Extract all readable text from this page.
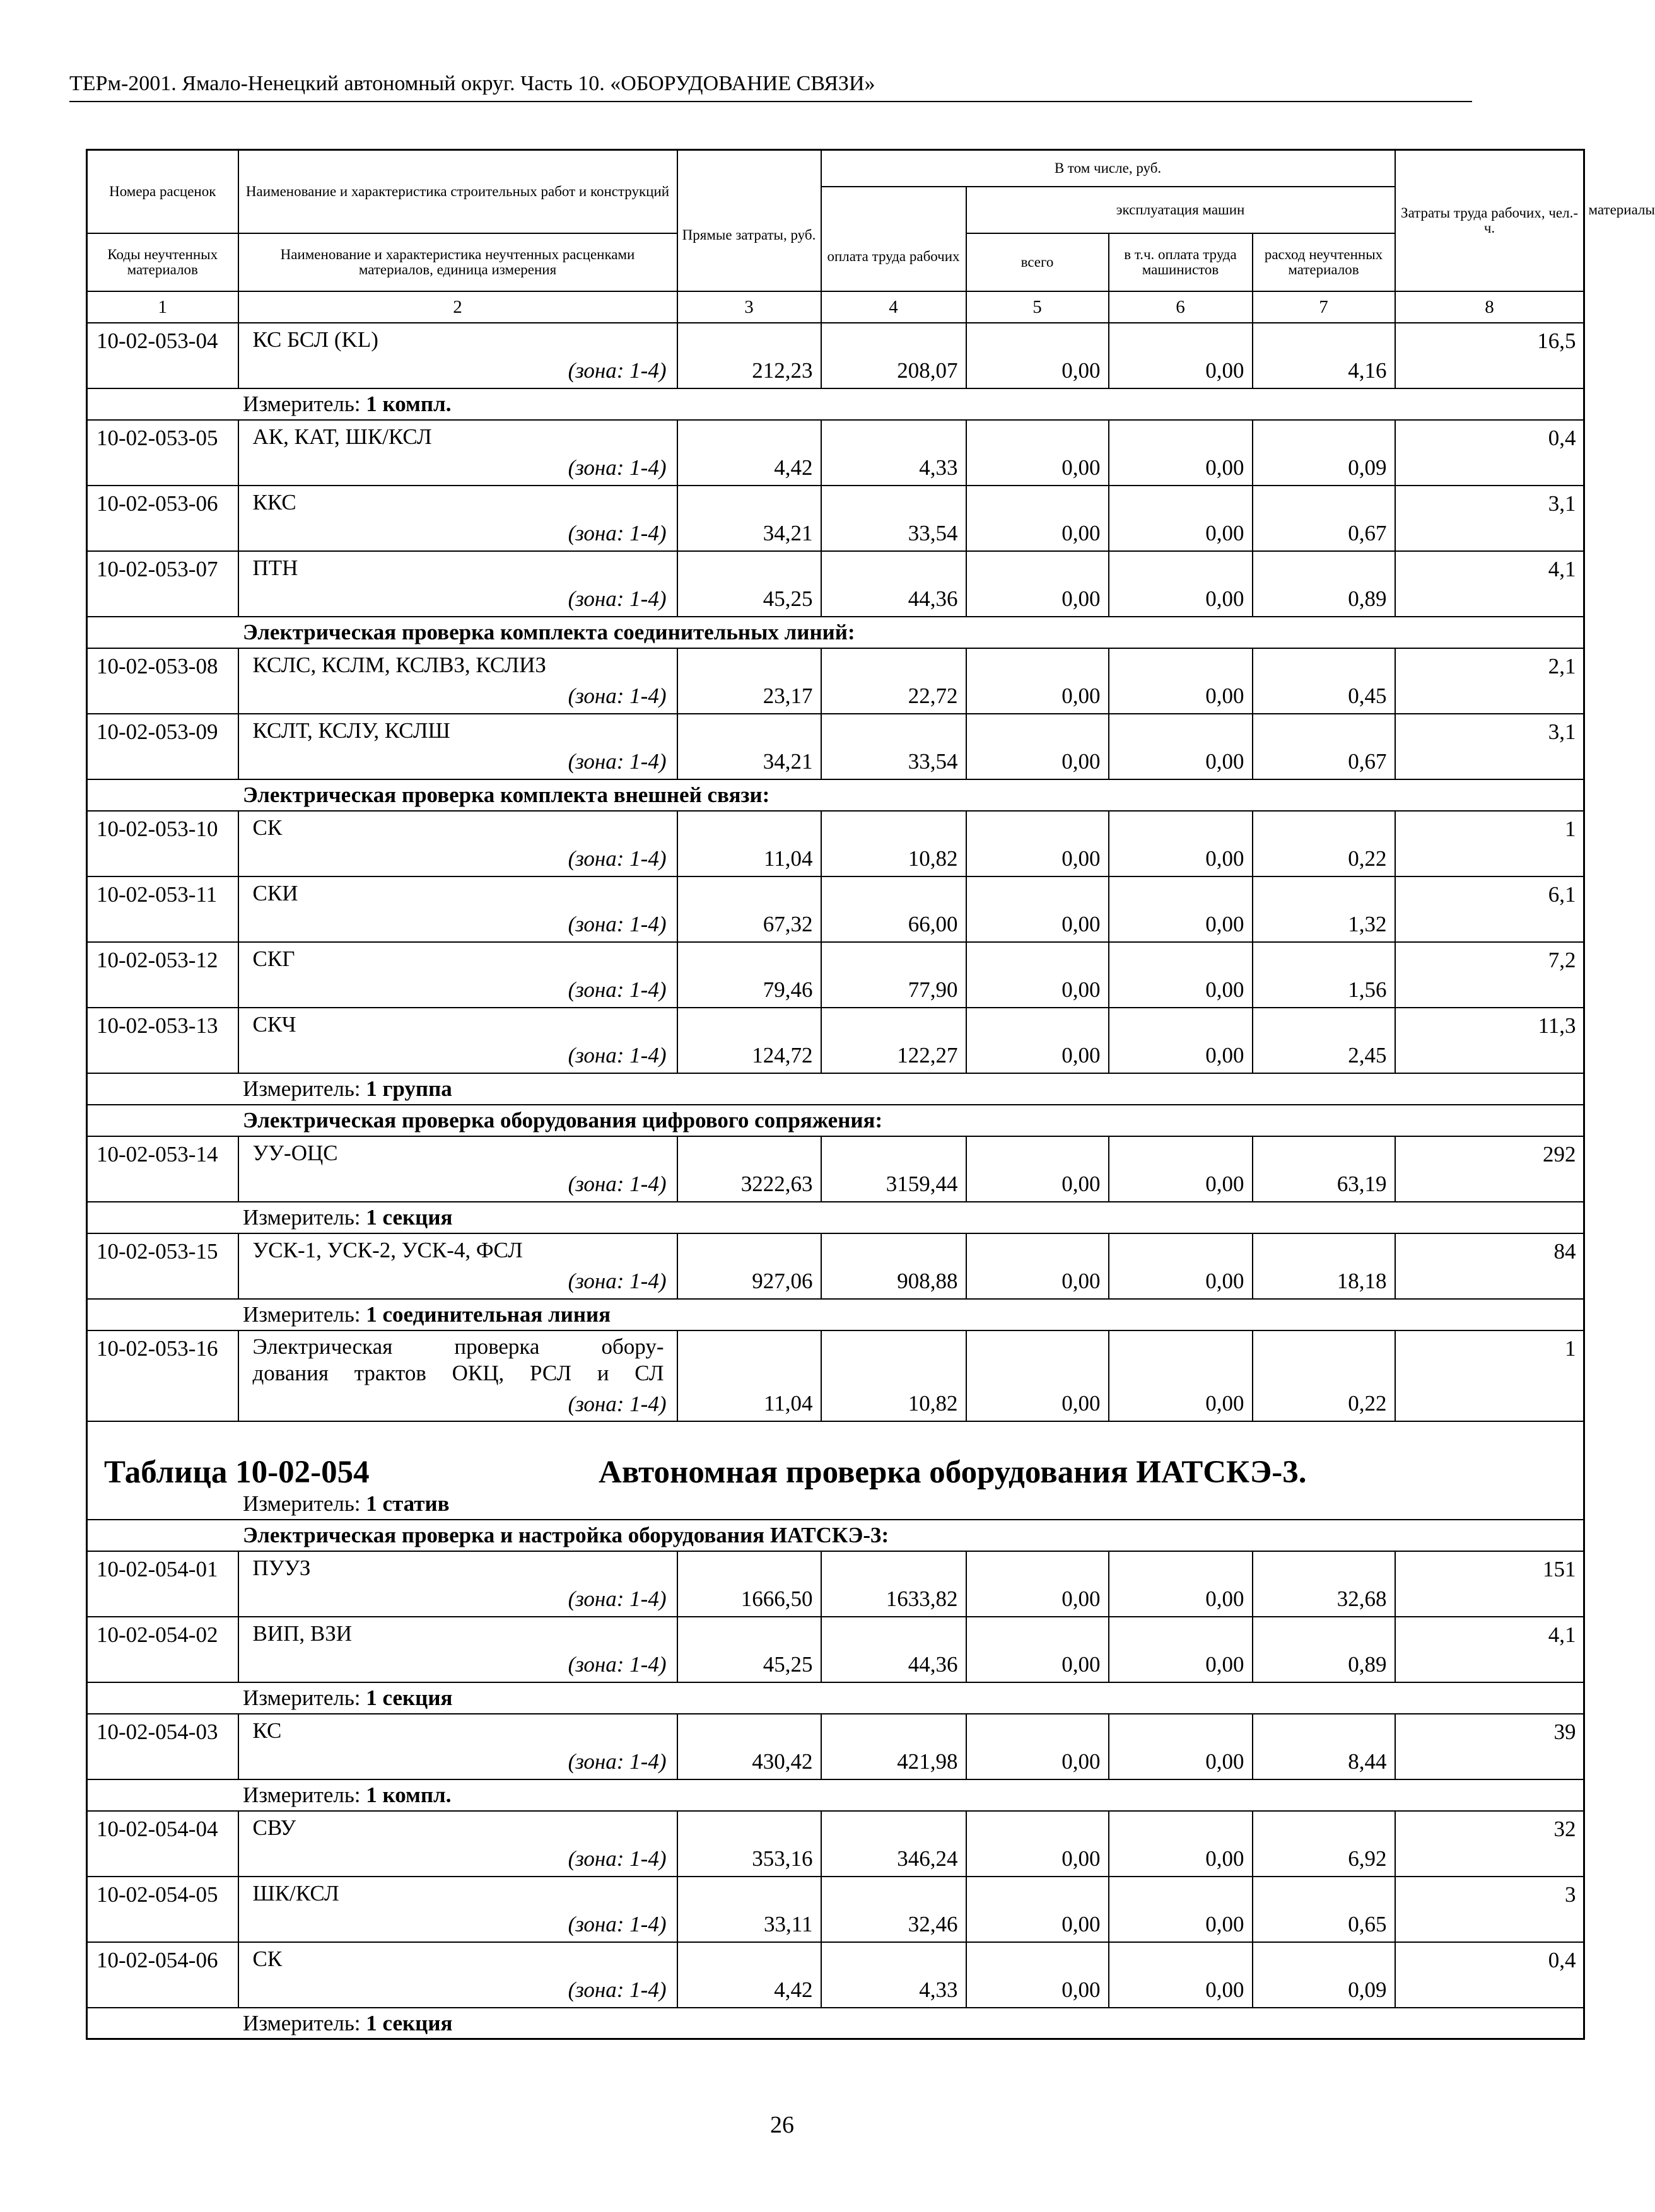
ТЕРм-2001. Ямало-Ненецкий автономный округ. Часть 10. «ОБОРУДОВАНИЕ СВЯЗИ»
Номера расценок	Наименование и характеристика строительных работ и конструкций	Прямые затраты, руб.	В том числе, руб.				Затраты труда рабочих, чел.-ч.	
			оплата труда рабочих	эксплуатация машин				материалы

Коды неучтенных материалов	Наименование и характеристика неучтенных расценками материалов, единица измерения			всего	в т.ч. оплата труда машинистов	расход неучтенных материалов		

1	2	3	4	5	6	7	8	
10-02-053-04	КС БСЛ (KL)
(зона: 1-4)	212,23	208,07	0,00	0,00	4,16	16,5	
Измеритель: 1 компл.								
10-02-053-05	АК, КАТ, ШК/КСЛ
(зона: 1-4)	4,42	4,33	0,00	0,00	0,09	0,4	
10-02-053-06	ККС
(зона: 1-4)	34,21	33,54	0,00	0,00	0,67	3,1	
10-02-053-07	ПТН
(зона: 1-4)	45,25	44,36	0,00	0,00	0,89	4,1	
Электрическая проверка комплекта соединительных линий:								
10-02-053-08	КСЛС, КСЛМ, КСЛВЗ, КСЛИЗ
(зона: 1-4)	23,17	22,72	0,00	0,00	0,45	2,1	
10-02-053-09	КСЛТ, КСЛУ, КСЛШ
(зона: 1-4)	34,21	33,54	0,00	0,00	0,67	3,1	
Электрическая проверка комплекта внешней связи:								
10-02-053-10	СК
(зона: 1-4)	11,04	10,82	0,00	0,00	0,22	1	
10-02-053-11	СКИ
(зона: 1-4)	67,32	66,00	0,00	0,00	1,32	6,1	
10-02-053-12	СКГ
(зона: 1-4)	79,46	77,90	0,00	0,00	1,56	7,2	
10-02-053-13	СКЧ
(зона: 1-4)	124,72	122,27	0,00	0,00	2,45	11,3	
Измеритель: 1 группа								
Электрическая проверка оборудования цифрового сопряжения:								
10-02-053-14	УУ-ОЦС
(зона: 1-4)	3222,63	3159,44	0,00	0,00	63,19	292	
Измеритель: 1 секция								
10-02-053-15	УСК-1, УСК-2, УСК-4, ФСЛ
(зона: 1-4)	927,06	908,88	0,00	0,00	18,18	84	
Измеритель: 1 соединительная линия								
10-02-053-16	Электрическая проверка обору-
дования трактов ОКЦ, РСЛ и СЛ
(зона: 1-4)	11,04	10,82	0,00	0,00	0,22	1	

Таблица 10-02-054 Автономная проверка оборудования ИАТСКЭ-3.
Измеритель: 1 статив								

Электрическая проверка и настройка оборудования ИАТСКЭ-3:								
10-02-054-01	ПУУЗ
(зона: 1-4)	1666,50	1633,82	0,00	0,00	32,68	151	
10-02-054-02	ВИП, ВЗИ
(зона: 1-4)	45,25	44,36	0,00	0,00	0,89	4,1	
Измеритель: 1 секция								
10-02-054-03	КС
(зона: 1-4)	430,42	421,98	0,00	0,00	8,44	39	
Измеритель: 1 компл.								
10-02-054-04	СВУ
(зона: 1-4)	353,16	346,24	0,00	0,00	6,92	32	
10-02-054-05	ШК/КСЛ
(зона: 1-4)	33,11	32,46	0,00	0,00	0,65	3	
10-02-054-06	СК
(зона: 1-4)	4,42	4,33	0,00	0,00	0,09	0,4	
Измеритель: 1 секция								
26
